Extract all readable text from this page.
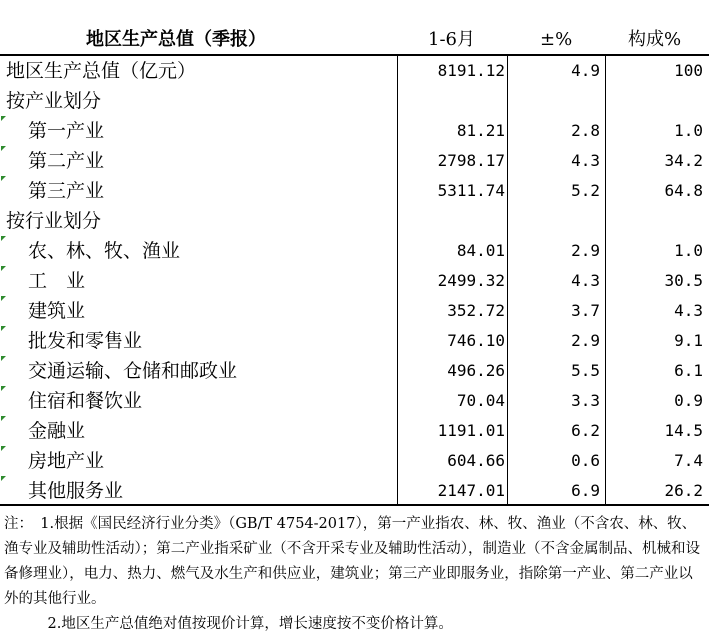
地区生产总值（季报）	1-6月	±%	构成%
地区生产总值（亿元）	8191.12	4.9	100
按产业划分
第一产业	81.21	2.8	1.0
第二产业	2798.17	4.3	34.2
第三产业	5311.74	5.2	64.8
按行业划分
农、林、牧、渔业	84.01	2.9	1.0
工　业	2499.32	4.3	30.5
建筑业	352.72	3.7	4.3
批发和零售业	746.10	2.9	9.1
交通运输、仓储和邮政业	496.26	5.5	6.1
住宿和餐饮业	70.04	3.3	0.9
金融业	1191.01	6.2	14.5
房地产业	604.66	0.6	7.4
其他服务业	2147.01	6.9	26.2

注：　1.根据《国民经济行业分类》（GB/T 4754-2017），第一产业指农、林、牧、渔业（不含农、林、牧、渔专业及辅助性活动）；第二产业指采矿业（不含开采专业及辅助性活动），制造业（不含金属制品、机械和设备修理业），电力、热力、燃气及水生产和供应业，建筑业；第三产业即服务业，指除第一产业、第二产业以外的其他行业。

　　　2.地区生产总值绝对值按现价计算，增长速度按不变价格计算。
